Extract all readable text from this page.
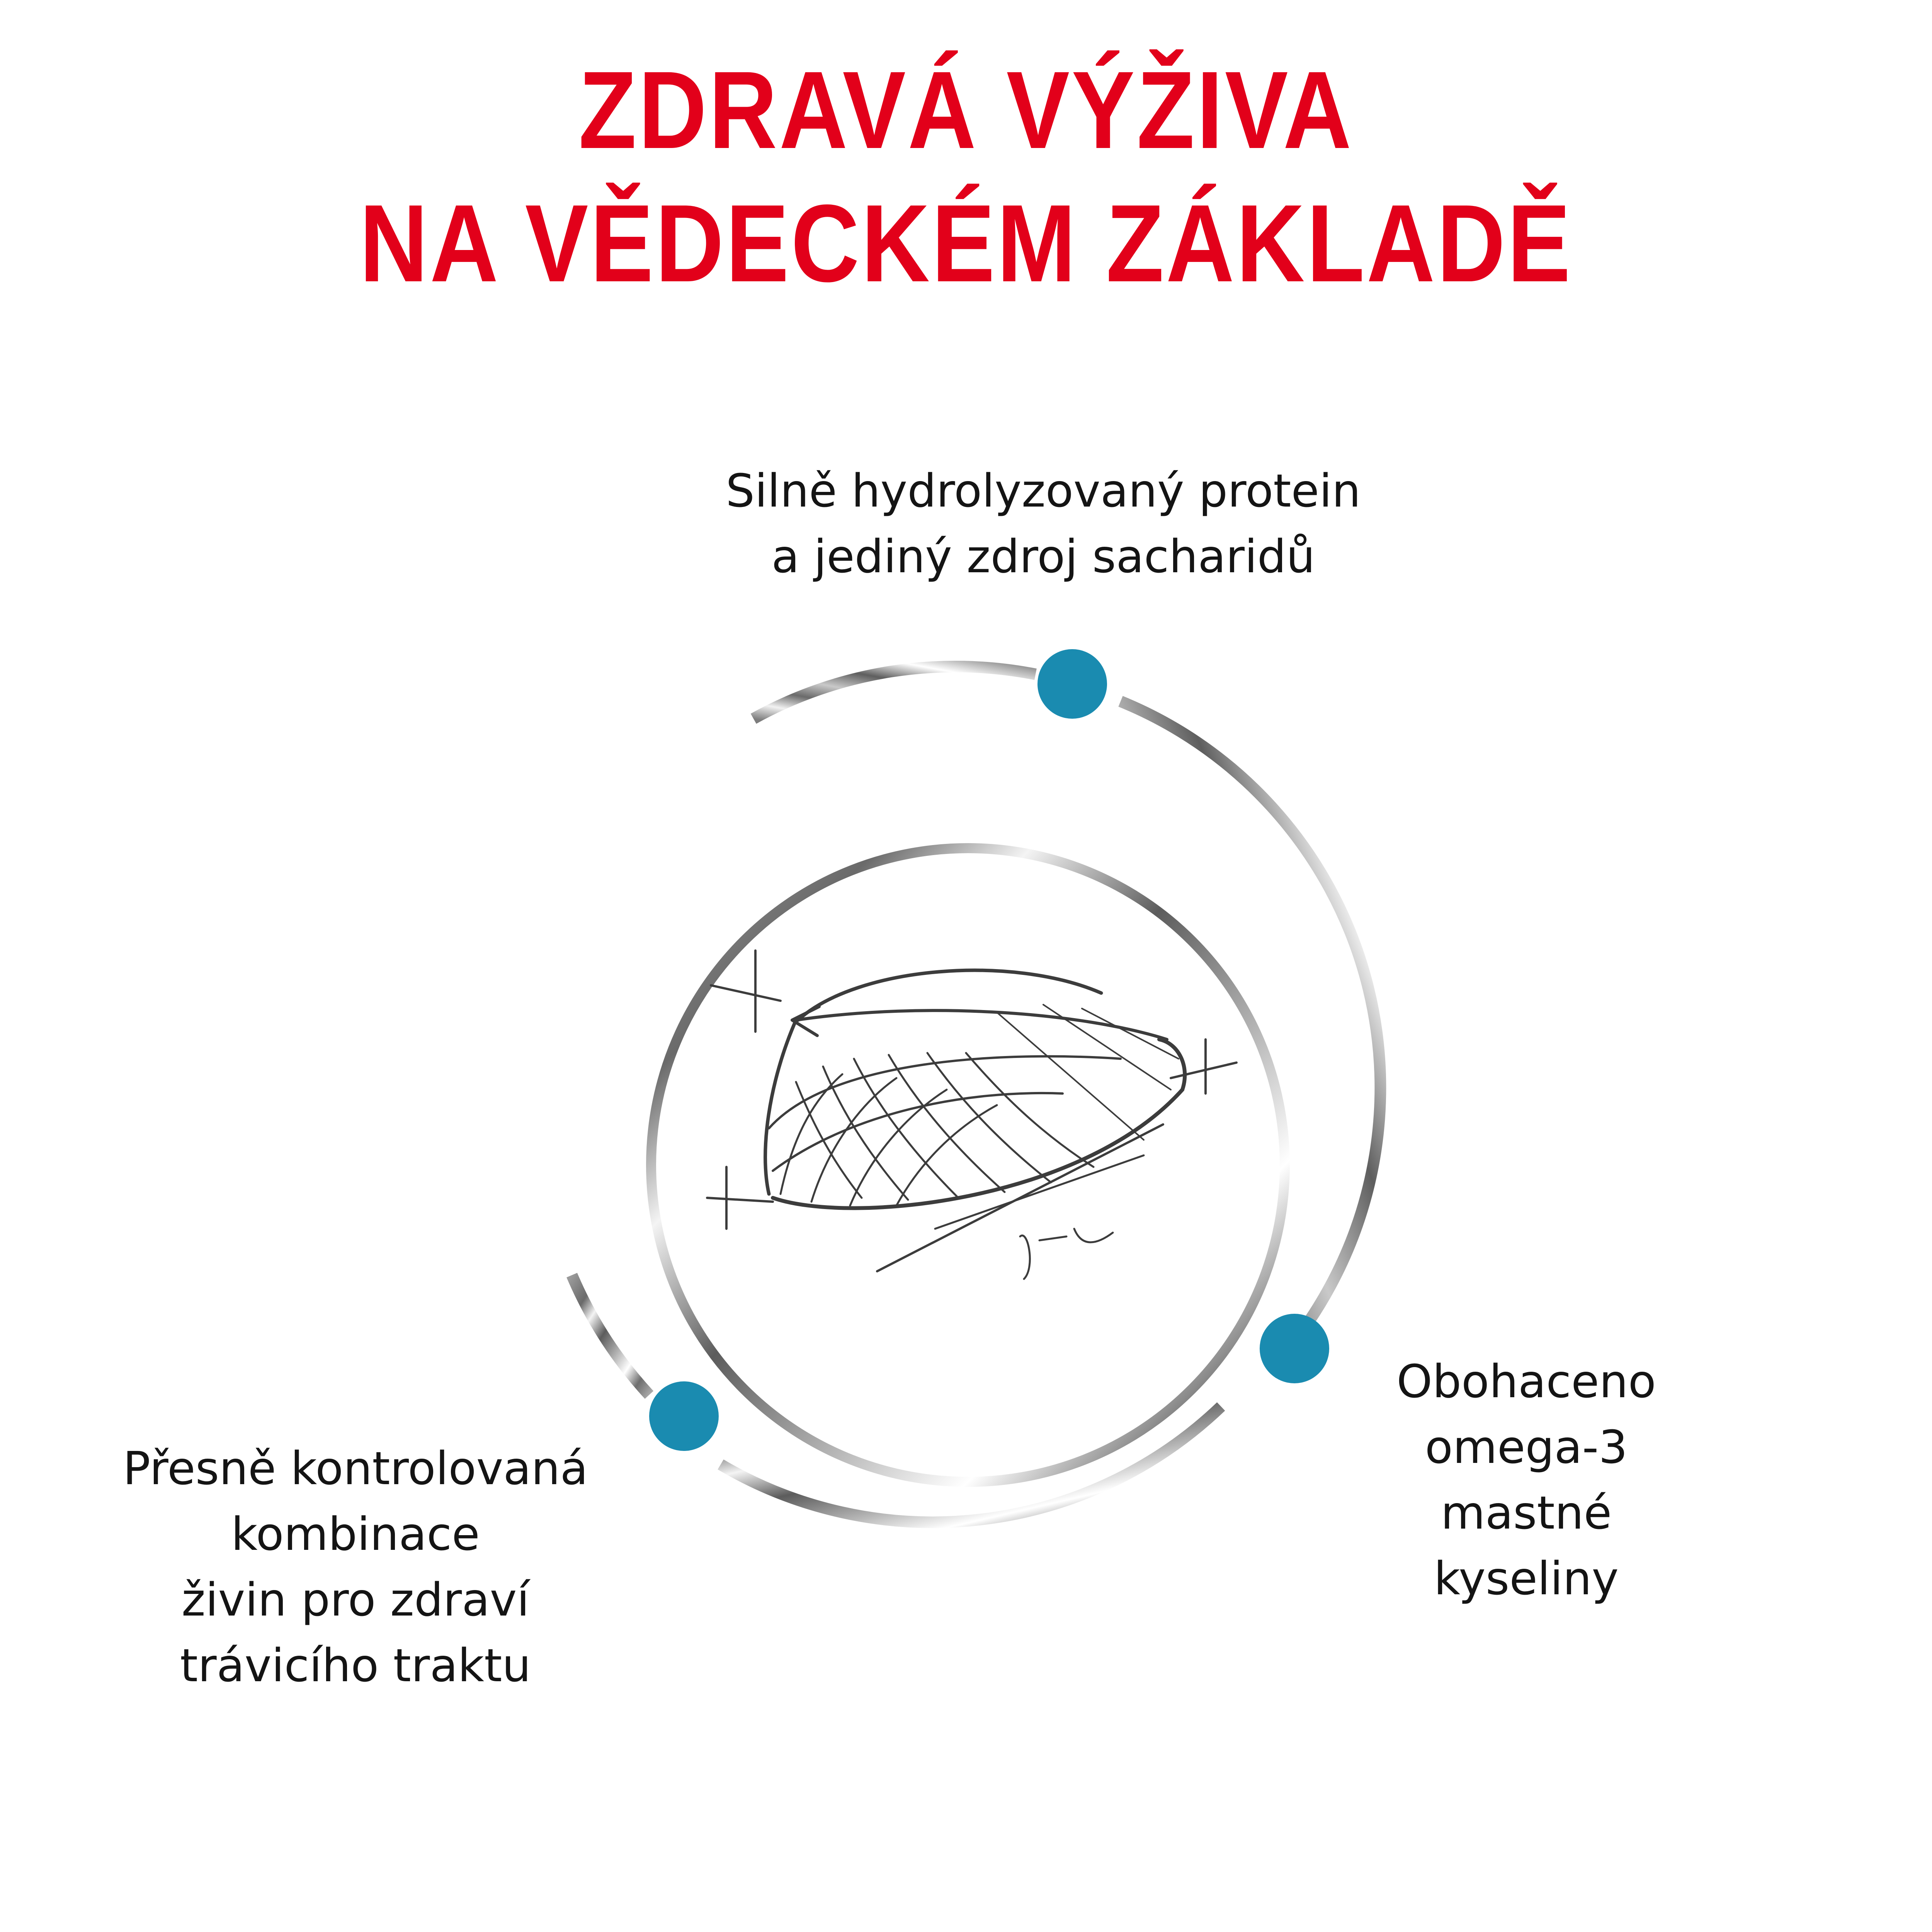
ZDRAVÁ VÝŽIVA
NA VĚDECKÉM ZÁKLADĚ
Silně hydrolyzovaný protein
a jediný zdroj sacharidů
Obohaceno
omega-3
mastné
kyseliny
Přesně kontrolovaná
kombinace
živin pro zdraví
trávicího traktu
